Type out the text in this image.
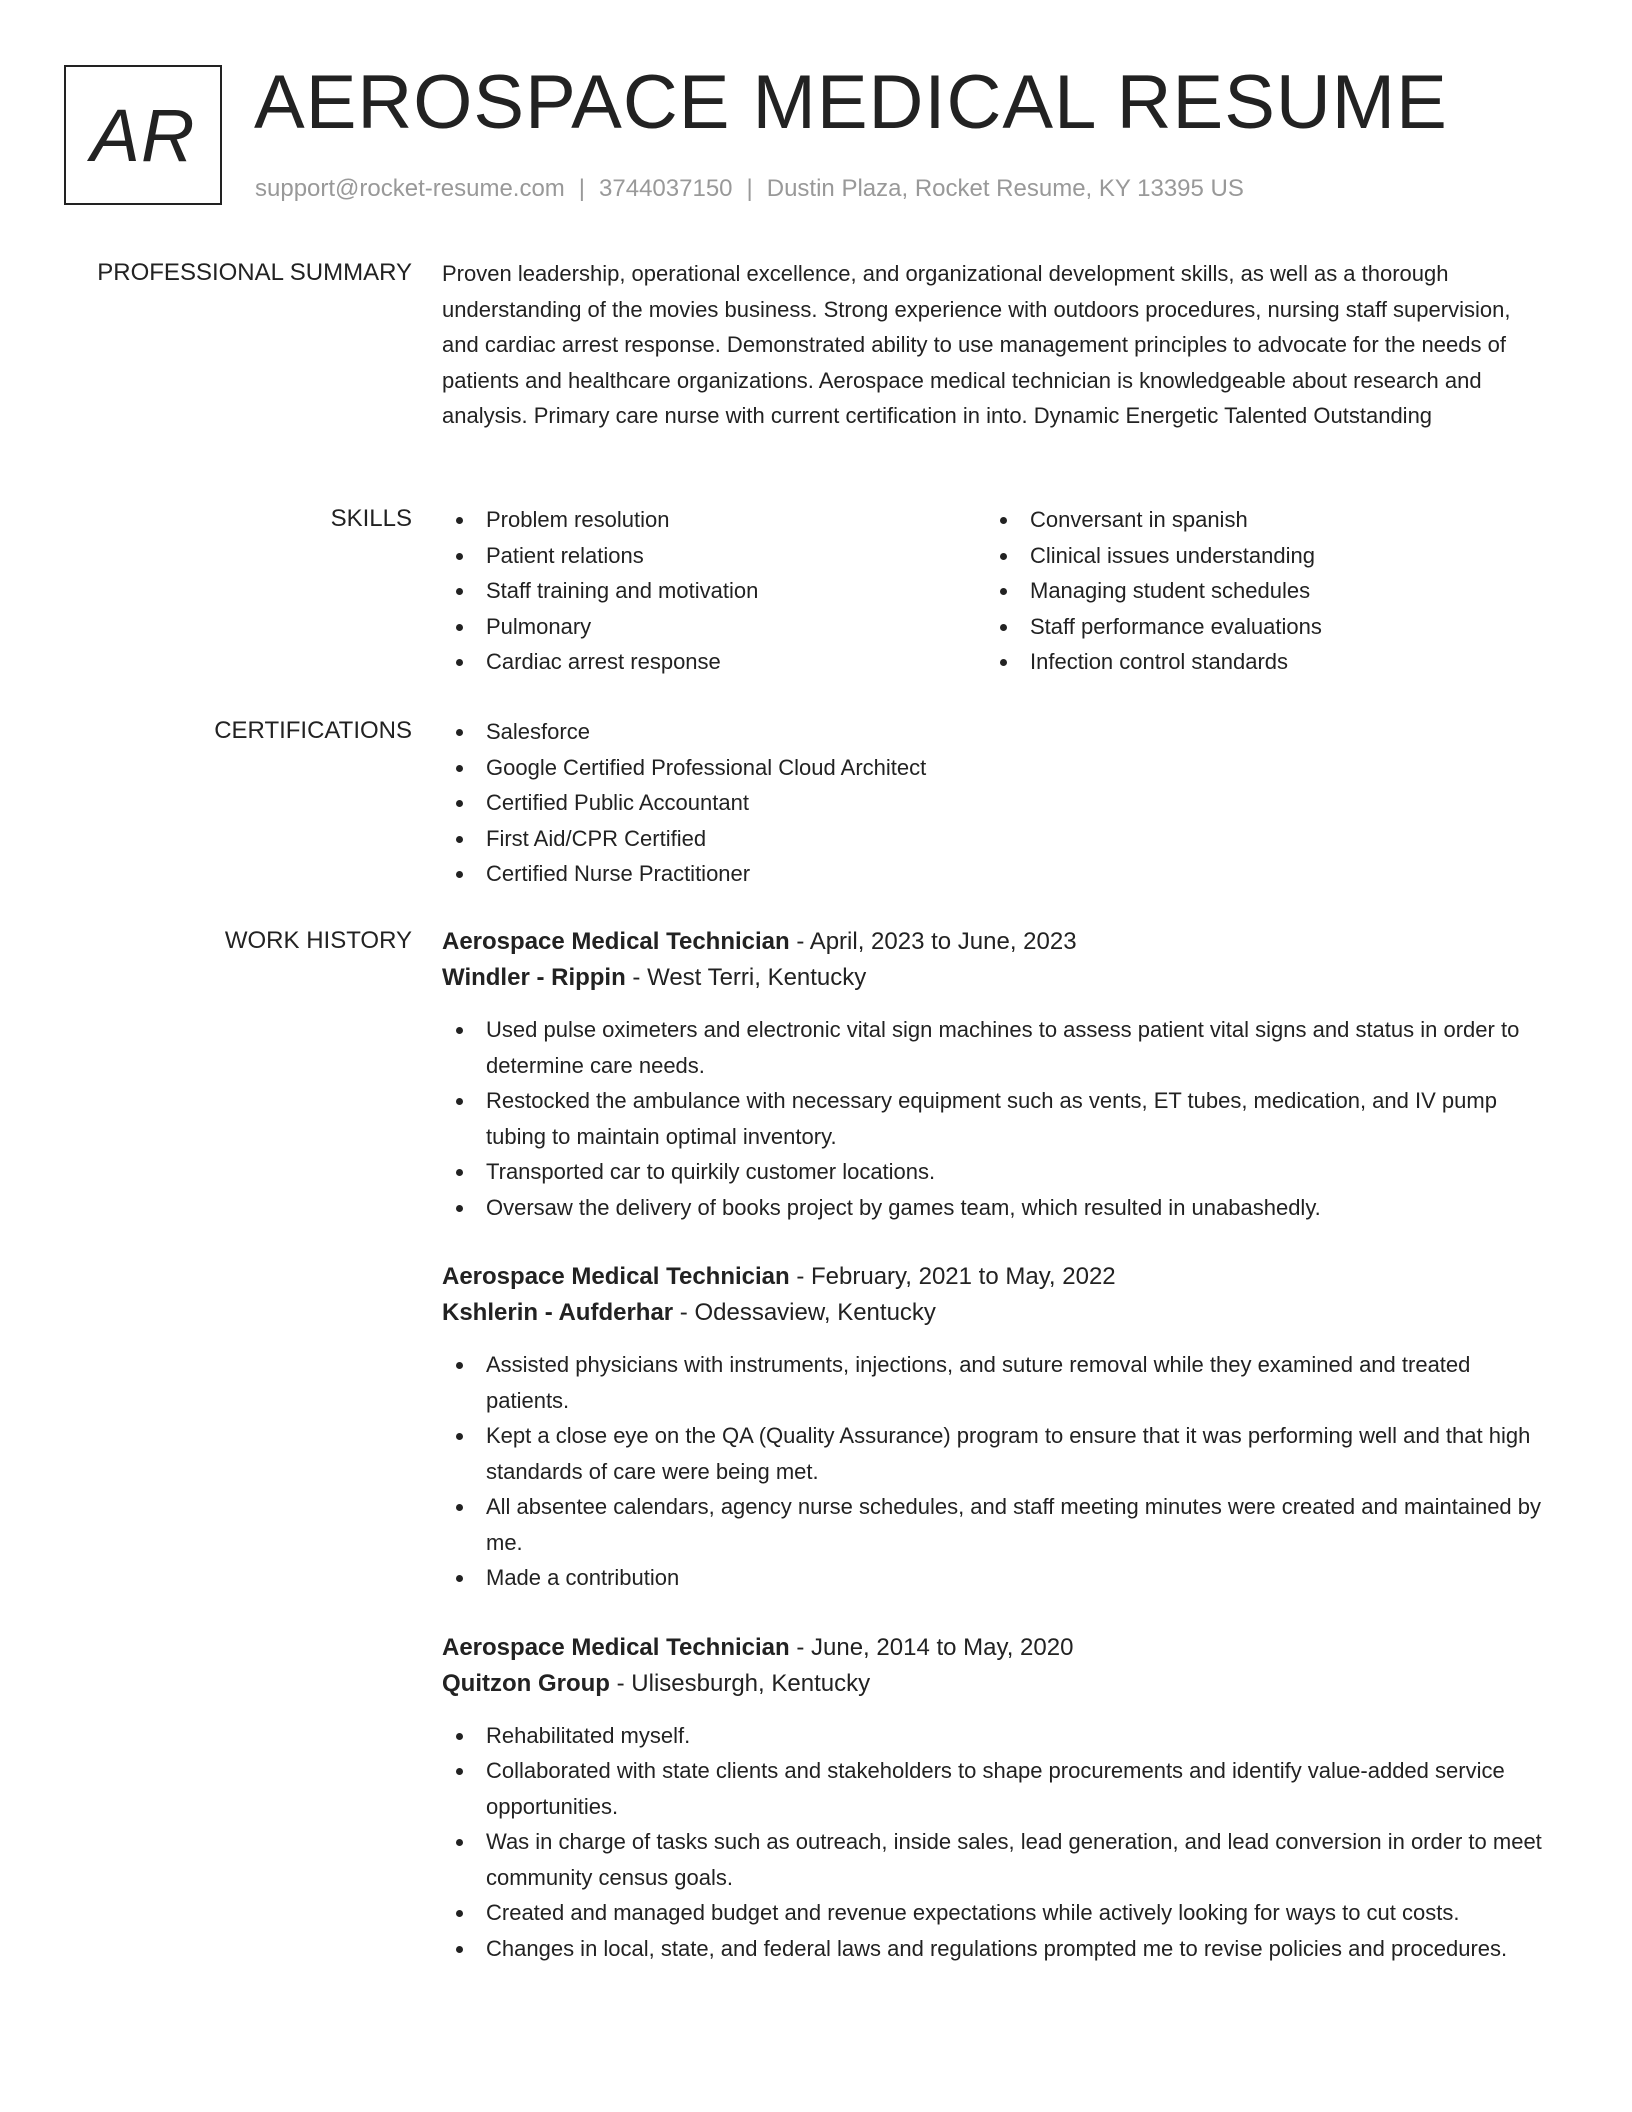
AR AEROSPACE MEDICAL RESUME
support@rocket-resume.com | 3744037150 | Dustin Plaza, Rocket Resume, KY 13395 US
PROFESSIONAL SUMMARY Proven leadership, operational excellence, and organizational development skills, as well as a thorough understanding of the movies business. Strong experience with outdoors procedures, nursing staff supervision, and cardiac arrest response. Demonstrated ability to use management principles to advocate for the needs of patients and healthcare organizations. Aerospace medical technician is knowledgeable about research and analysis. Primary care nurse with current certification in into. Dynamic Energetic Talented Outstanding

SKILLS	Problem resolution
Patient relations
Staff training and motivation
Pulmonary
Cardiac arrest response
Conversant in spanish
Clinical issues understanding
Managing student schedules
Staff performance evaluations
Infection control standards
CERTIFICATIONS	Salesforce
Google Certified Professional Cloud Architect
Certified Public Accountant
First Aid/CPR Certified
Certified Nurse Practitioner
WORK HISTORY Aerospace Medical Technician - April, 2023 to June, 2023
Windler - Rippin - West Terri, Kentucky
Used pulse oximeters and electronic vital sign machines to assess patient vital signs and status in order to determine care needs.
Restocked the ambulance with necessary equipment such as vents, ET tubes, medication, and IV pump tubing to maintain optimal inventory.
Transported car to quirkily customer locations.
Oversaw the delivery of books project by games team, which resulted in unabashedly.
Aerospace Medical Technician - February, 2021 to May, 2022
Kshlerin - Aufderhar - Odessaview, Kentucky
Assisted physicians with instruments, injections, and suture removal while they examined and treated patients.
Kept a close eye on the QA (Quality Assurance) program to ensure that it was performing well and that high standards of care were being met.
All absentee calendars, agency nurse schedules, and staff meeting minutes were created and maintained by me.
Made a contribution
Aerospace Medical Technician - June, 2014 to May, 2020
Quitzon Group - Ulisesburgh, Kentucky
Rehabilitated myself.
Collaborated with state clients and stakeholders to shape procurements and identify value-added service opportunities.
Was in charge of tasks such as outreach, inside sales, lead generation, and lead conversion in order to meet community census goals.
Created and managed budget and revenue expectations while actively looking for ways to cut costs.
Changes in local, state, and federal laws and regulations prompted me to revise policies and procedures.
